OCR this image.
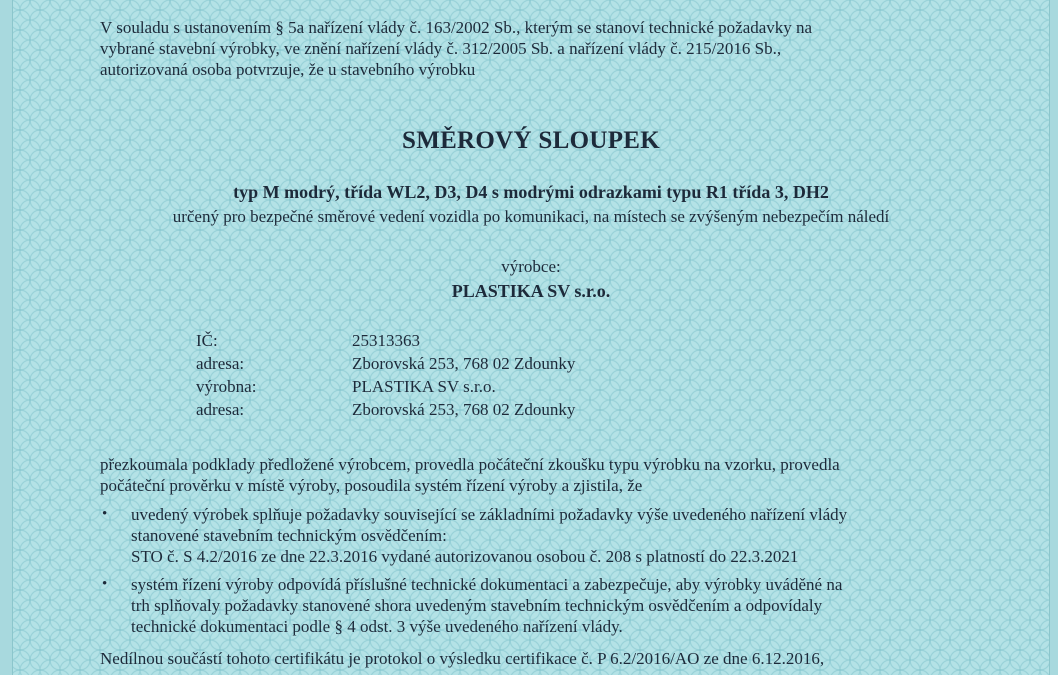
V souladu s ustanovením § 5a nařízení vlády č. 163/2002 Sb., kterým se stanoví technické požadavky na

vybrané stavební výrobky, ve znění nařízení vlády č. 312/2005 Sb. a nařízení vlády č. 215/2016 Sb.,

autorizovaná osoba potvrzuje, že u stavebního výrobku

SMĚROVÝ SLOUPEK
typ M modrý, třída WL2, D3, D4 s modrými odrazkami typu R1 třída 3, DH2
určený pro bezpečné směrové vedení vozidla po komunikaci, na místech se zvýšeným nebezpečím náledí
výrobce:
PLASTIKA SV s.r.o.
IČ:	25313363
adresa:	Zborovská 253, 768 02 Zdounky
výrobna:	PLASTIKA SV s.r.o.
adresa:	Zborovská 253, 768 02 Zdounky

přezkoumala podklady předložené výrobcem, provedla počáteční zkoušku typu výrobku na vzorku, provedla

počáteční prověrku v místě výroby, posoudila systém řízení výroby a zjistila, že

• uvedený výrobek splňuje požadavky související se základními požadavky výše uvedeného nařízení vlády

stanovené stavebním technickým osvědčením:

STO č. S 4.2/2016 ze dne 22.3.2016 vydané autorizovanou osobou č. 208 s platností do 22.3.2021

• systém řízení výroby odpovídá příslušné technické dokumentaci a zabezpečuje, aby výrobky uváděné na

trh splňovaly požadavky stanovené shora uvedeným stavebním technickým osvědčením a odpovídaly

technické dokumentaci podle § 4 odst. 3 výše uvedeného nařízení vlády.

Nedílnou součástí tohoto certifikátu je protokol o výsledku certifikace č. P 6.2/2016/AO ze dne 6.12.2016,
